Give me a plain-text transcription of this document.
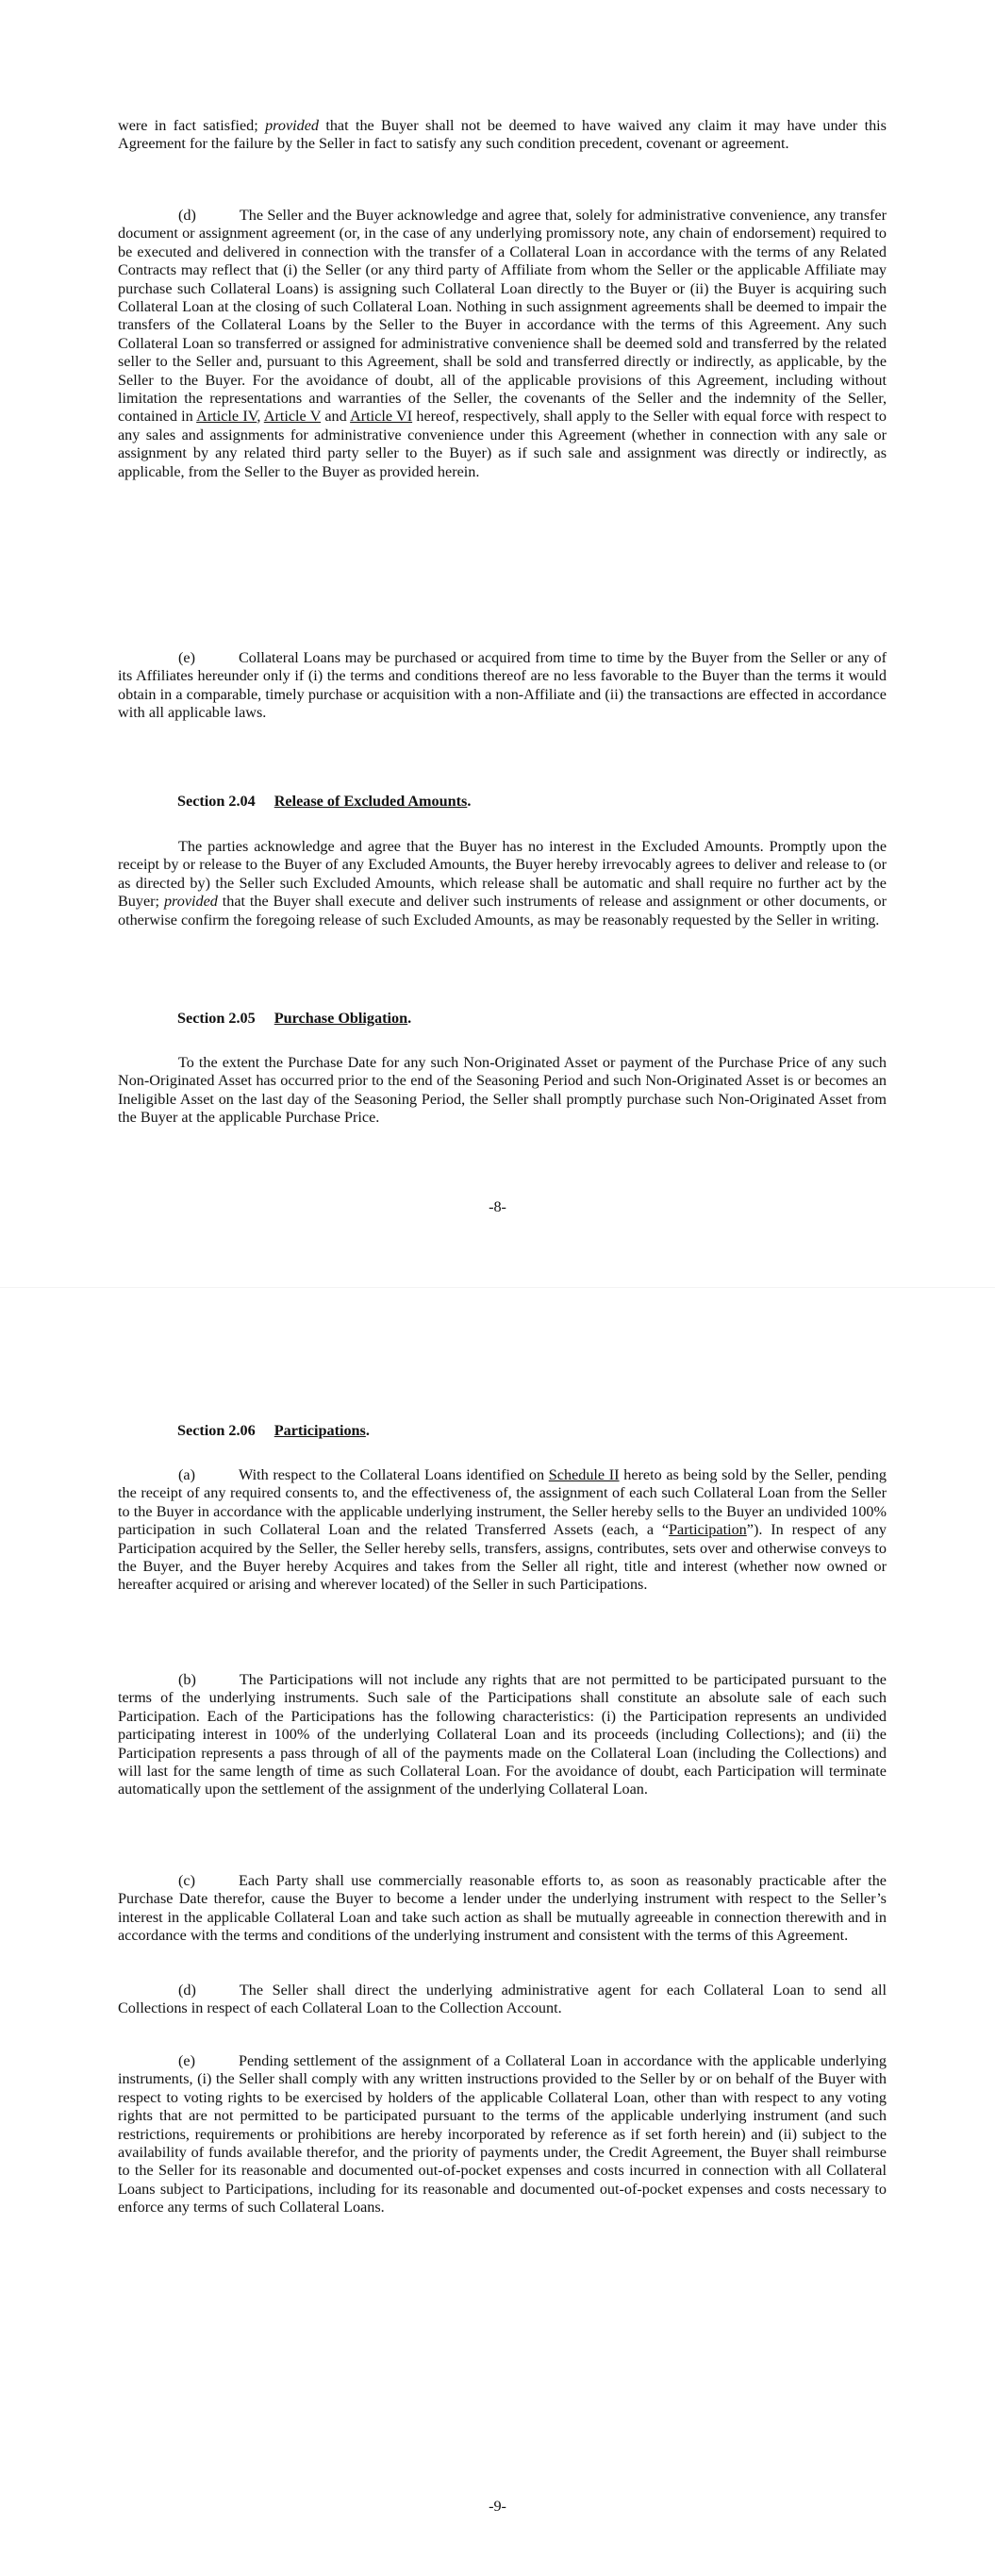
were in fact satisfied; provided that the Buyer shall not be deemed to have waived any claim it may have under this Agreement for the failure by the Seller in fact to satisfy any such condition precedent, covenant or agreement.

(d)	The Seller and the Buyer acknowledge and agree that, solely for administrative convenience, any transfer document or assignment agreement (or, in the case of any underlying promissory note, any chain of endorsement) required to be executed and delivered in connection with the transfer of a Collateral Loan in accordance with the terms of any Related Contracts may reflect that (i) the Seller (or any third party of Affiliate from whom the Seller or the applicable Affiliate may purchase such Collateral Loans) is assigning such Collateral Loan directly to the Buyer or (ii) the Buyer is acquiring such Collateral Loan at the closing of such Collateral Loan. Nothing in such assignment agreements shall be deemed to impair the transfers of the Collateral Loans by the Seller to the Buyer in accordance with the terms of this Agreement. Any such Collateral Loan so transferred or assigned for administrative convenience shall be deemed sold and transferred by the related seller to the Seller and, pursuant to this Agreement, shall be sold and transferred directly or indirectly, as applicable, by the Seller to the Buyer. For the avoidance of doubt, all of the applicable provisions of this Agreement, including without limitation the representations and warranties of the Seller, the covenants of the Seller and the indemnity of the Seller, contained in Article IV, Article V and Article VI hereof, respectively, shall apply to the Seller with equal force with respect to any sales and assignments for administrative convenience under this Agreement (whether in connection with any sale or assignment by any related third party seller to the Buyer) as if such sale and assignment was directly or indirectly, as applicable, from the Seller to the Buyer as provided herein.

(e)	Collateral Loans may be purchased or acquired from time to time by the Buyer from the Seller or any of its Affiliates hereunder only if (i) the terms and conditions thereof are no less favorable to the Buyer than the terms it would obtain in a comparable, timely purchase or acquisition with a non-Affiliate and (ii) the transactions are effected in accordance with all applicable laws.

Section 2.04 Release of Excluded Amounts.

The parties acknowledge and agree that the Buyer has no interest in the Excluded Amounts. Promptly upon the receipt by or release to the Buyer of any Excluded Amounts, the Buyer hereby irrevocably agrees to deliver and release to (or as directed by) the Seller such Excluded Amounts, which release shall be automatic and shall require no further act by the Buyer; provided that the Buyer shall execute and deliver such instruments of release and assignment or other documents, or otherwise confirm the foregoing release of such Excluded Amounts, as may be reasonably requested by the Seller in writing.

Section 2.05 Purchase Obligation.

To the extent the Purchase Date for any such Non-Originated Asset or payment of the Purchase Price of any such Non-Originated Asset has occurred prior to the end of the Seasoning Period and such Non-Originated Asset is or becomes an Ineligible Asset on the last day of the Seasoning Period, the Seller shall promptly purchase such Non-Originated Asset from the Buyer at the applicable Purchase Price.

-8-

Section 2.06 Participations.

(a)	With respect to the Collateral Loans identified on Schedule II hereto as being sold by the Seller, pending the receipt of any required consents to, and the effectiveness of, the assignment of each such Collateral Loan from the Seller to the Buyer in accordance with the applicable underlying instrument, the Seller hereby sells to the Buyer an undivided 100% participation in such Collateral Loan and the related Transferred Assets (each, a “Participation”). In respect of any Participation acquired by the Seller, the Seller hereby sells, transfers, assigns, contributes, sets over and otherwise conveys to the Buyer, and the Buyer hereby Acquires and takes from the Seller all right, title and interest (whether now owned or hereafter acquired or arising and wherever located) of the Seller in such Participations.

(b)	The Participations will not include any rights that are not permitted to be participated pursuant to the terms of the underlying instruments. Such sale of the Participations shall constitute an absolute sale of each such Participation. Each of the Participations has the following characteristics: (i) the Participation represents an undivided participating interest in 100% of the underlying Collateral Loan and its proceeds (including Collections); and (ii) the Participation represents a pass through of all of the payments made on the Collateral Loan (including the Collections) and will last for the same length of time as such Collateral Loan. For the avoidance of doubt, each Participation will terminate automatically upon the settlement of the assignment of the underlying Collateral Loan.

(c)	Each Party shall use commercially reasonable efforts to, as soon as reasonably practicable after the Purchase Date therefor, cause the Buyer to become a lender under the underlying instrument with respect to the Seller’s interest in the applicable Collateral Loan and take such action as shall be mutually agreeable in connection therewith and in accordance with the terms and conditions of the underlying instrument and consistent with the terms of this Agreement.

(d)	The Seller shall direct the underlying administrative agent for each Collateral Loan to send all Collections in respect of each Collateral Loan to the Collection Account.

(e)	Pending settlement of the assignment of a Collateral Loan in accordance with the applicable underlying instruments, (i) the Seller shall comply with any written instructions provided to the Seller by or on behalf of the Buyer with respect to voting rights to be exercised by holders of the applicable Collateral Loan, other than with respect to any voting rights that are not permitted to be participated pursuant to the terms of the applicable underlying instrument (and such restrictions, requirements or prohibitions are hereby incorporated by reference as if set forth herein) and (ii) subject to the availability of funds available therefor, and the priority of payments under, the Credit Agreement, the Buyer shall reimburse to the Seller for its reasonable and documented out-of-pocket expenses and costs incurred in connection with all Collateral Loans subject to Participations, including for its reasonable and documented out-of-pocket expenses and costs necessary to enforce any terms of such Collateral Loans.

-9-
